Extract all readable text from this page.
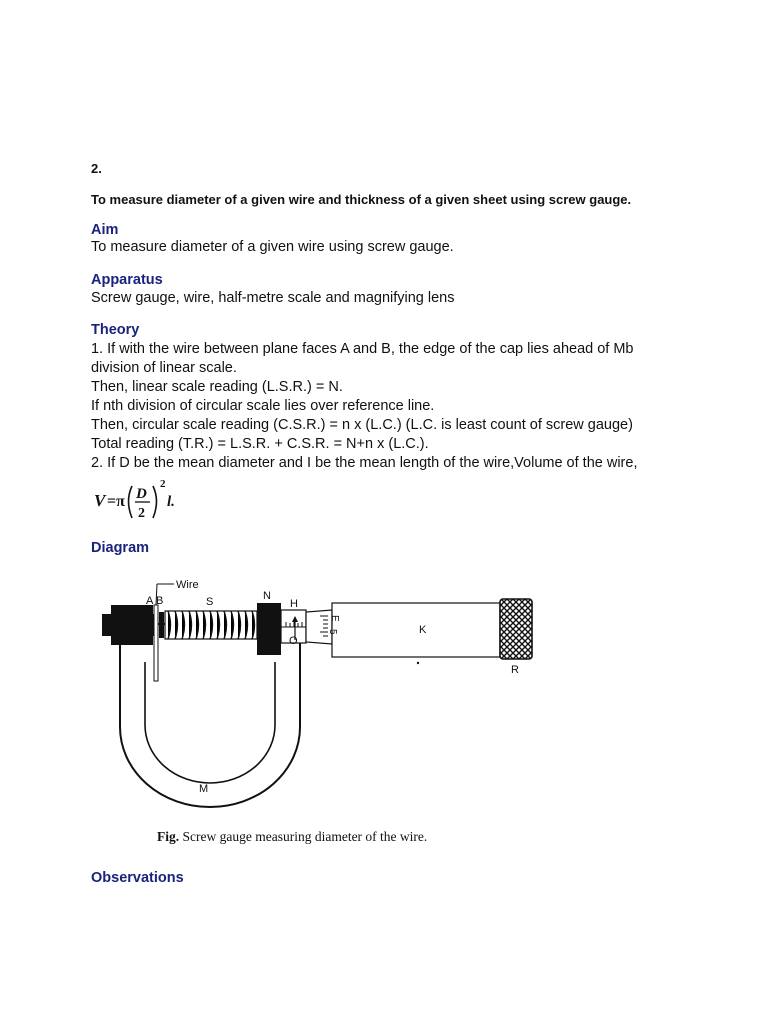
2.
To measure diameter of a given wire and thickness of a given sheet using screw gauge.
Aim
To measure diameter of a given wire using screw gauge.
Apparatus
Screw gauge, wire, half-metre scale and magnifying lens
Theory
1. If with the wire between plane faces A and B, the edge of the cap lies ahead of Mb
division of linear scale.
Then, linear scale reading (L.S.R.) = N.
If nth division of circular scale lies over reference line.
Then, circular scale reading (C.S.R.) = n x (L.C.) (L.C. is least count of screw gauge)
Total reading (T.R.) = L.S.R. + C.S.R. = N+n x (L.C.).
2. If D be the mean diameter and I be the mean length of the wire,Volume of the wire,
V =π D
2
2
l.
Diagram
Wire
A B	S	N
H
O
E
5	K
R
M
Fig. Screw gauge measuring diameter of the wire.
Observations
